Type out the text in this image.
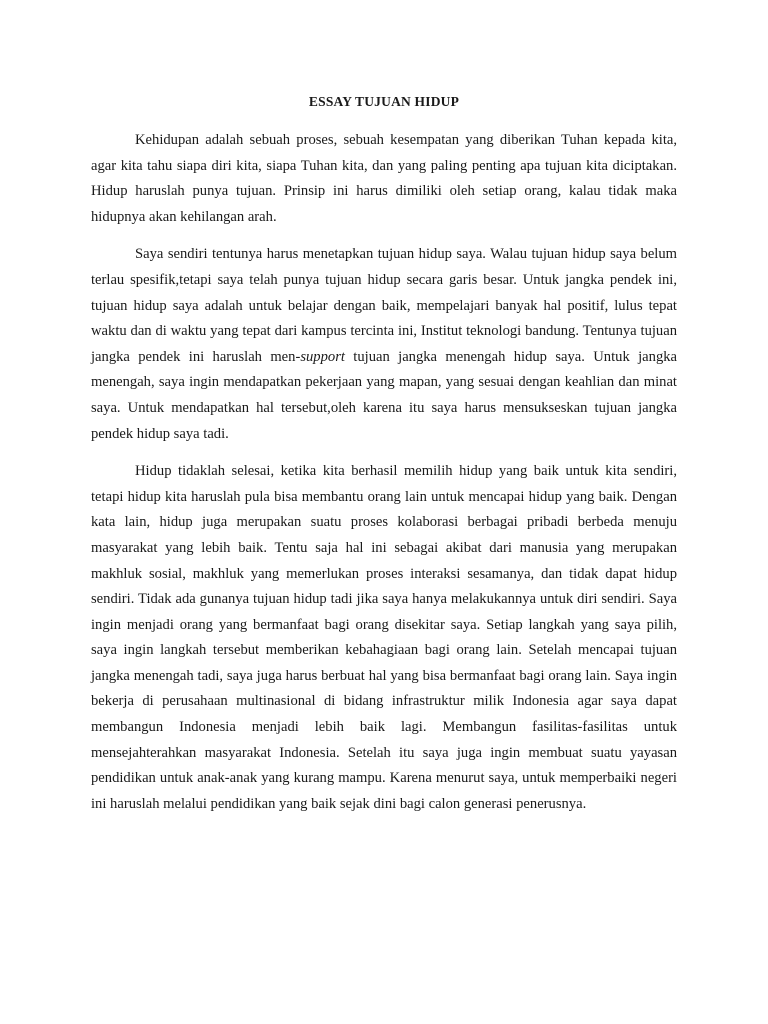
ESSAY TUJUAN HIDUP

Kehidupan adalah sebuah proses, sebuah kesempatan yang diberikan Tuhan kepada kita, agar kita tahu siapa diri kita, siapa Tuhan kita, dan yang paling penting apa tujuan kita diciptakan. Hidup haruslah punya tujuan. Prinsip ini harus dimiliki oleh setiap orang, kalau tidak maka hidupnya akan kehilangan arah.

Saya sendiri tentunya harus menetapkan tujuan hidup saya. Walau tujuan hidup saya belum terlau spesifik,tetapi saya telah punya tujuan hidup secara garis besar. Untuk jangka pendek ini, tujuan hidup saya adalah untuk belajar dengan baik, mempelajari banyak hal positif, lulus tepat waktu dan di waktu yang tepat dari kampus tercinta ini, Institut teknologi bandung. Tentunya tujuan jangka pendek ini haruslah men-support tujuan jangka menengah hidup saya. Untuk jangka menengah, saya ingin mendapatkan pekerjaan yang mapan, yang sesuai dengan keahlian dan minat saya. Untuk mendapatkan hal tersebut,oleh karena itu saya harus mensukseskan tujuan jangka pendek hidup saya tadi.

Hidup tidaklah selesai, ketika kita berhasil memilih hidup yang baik untuk kita sendiri, tetapi hidup kita haruslah pula bisa membantu orang lain untuk mencapai hidup yang baik. Dengan kata lain, hidup juga merupakan suatu proses kolaborasi berbagai pribadi berbeda menuju masyarakat yang lebih baik. Tentu saja hal ini sebagai akibat dari manusia yang merupakan makhluk sosial, makhluk yang memerlukan proses interaksi sesamanya, dan tidak dapat hidup sendiri. Tidak ada gunanya tujuan hidup tadi jika saya hanya melakukannya untuk diri sendiri. Saya ingin menjadi orang yang bermanfaat bagi orang disekitar saya. Setiap langkah yang saya pilih, saya ingin langkah tersebut memberikan kebahagiaan bagi orang lain. Setelah mencapai tujuan jangka menengah tadi, saya juga harus berbuat hal yang bisa bermanfaat bagi orang lain. Saya ingin bekerja di perusahaan multinasional di bidang infrastruktur milik Indonesia agar saya dapat membangun Indonesia menjadi lebih baik lagi. Membangun fasilitas-fasilitas untuk mensejahterahkan masyarakat Indonesia. Setelah itu saya juga ingin membuat suatu yayasan pendidikan untuk anak-anak yang kurang mampu. Karena menurut saya, untuk memperbaiki negeri ini haruslah melalui pendidikan yang baik sejak dini bagi calon generasi penerusnya.
